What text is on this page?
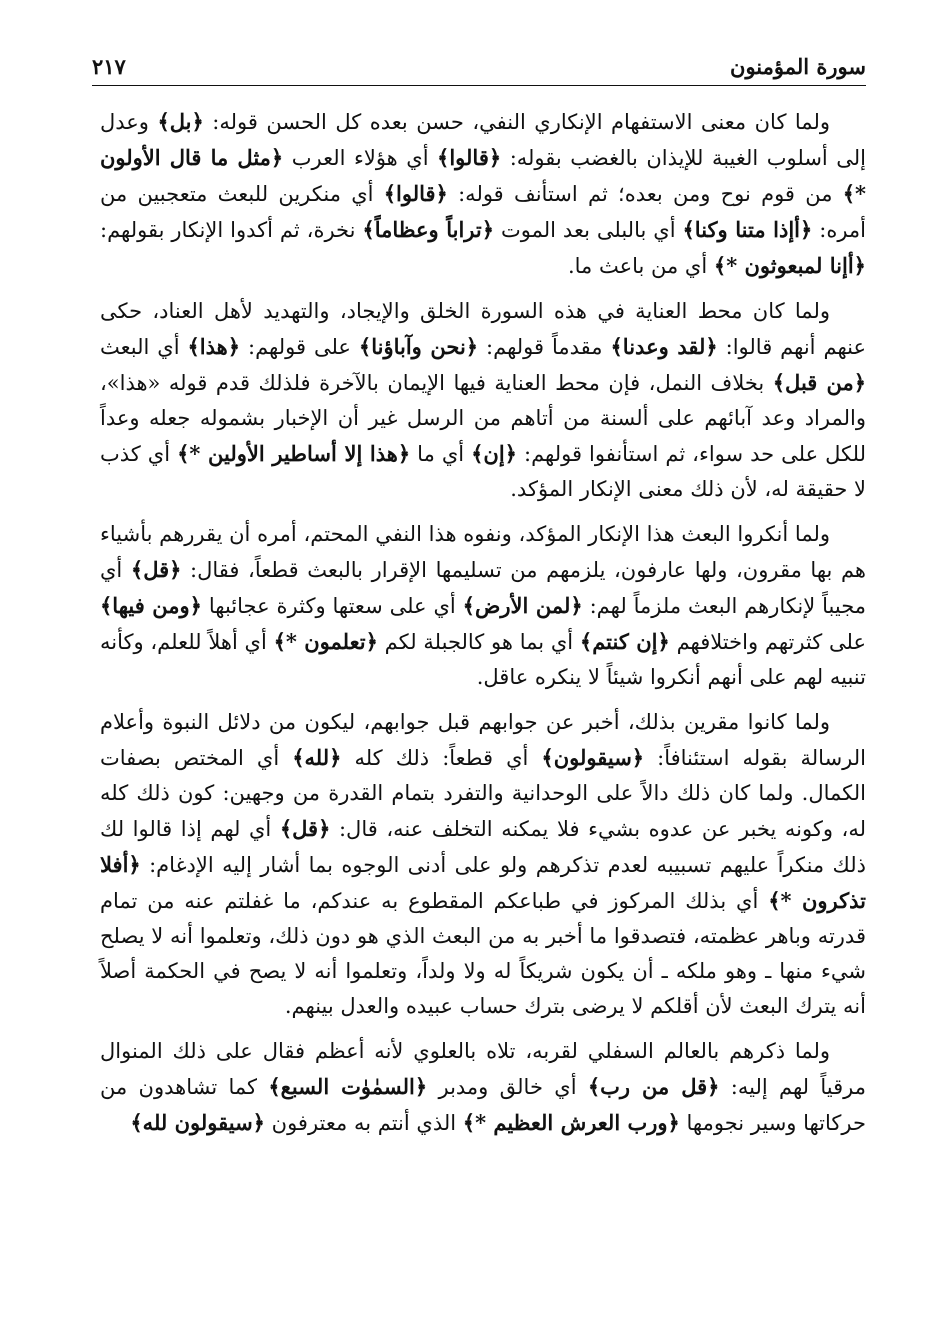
سورة المؤمنون
٢١٧

ولما كان معنى الاستفهام الإنكاري النفي، حسن بعده كل الحسن قوله: ﴿بل﴾ وعدل إلى أسلوب الغيبة للإيذان بالغضب بقوله: ﴿قالوا﴾ أي هؤلاء العرب ﴿مثل ما قال الأولون *﴾ من قوم نوح ومن بعده؛ ثم استأنف قوله: ﴿قالوا﴾ أي منكرين للبعث متعجبين من أمره: ﴿أإذا متنا وكنا﴾ أي بالبلى بعد الموت ﴿تراباً وعظاماً﴾ نخرة، ثم أكدوا الإنكار بقولهم: ﴿أإنا لمبعوثون *﴾ أي من باعث ما.

ولما كان محط العناية في هذه السورة الخلق والإيجاد، والتهديد لأهل العناد، حكى عنهم أنهم قالوا: ﴿لقد وعدنا﴾ مقدماً قولهم: ﴿نحن وآباؤنا﴾ على قولهم: ﴿هذا﴾ أي البعث ﴿من قبل﴾ بخلاف النمل، فإن محط العناية فيها الإيمان بالآخرة فلذلك قدم قوله «هذا»، والمراد وعد آبائهم على ألسنة من أتاهم من الرسل غير أن الإخبار بشموله جعله وعداً للكل على حد سواء، ثم استأنفوا قولهم: ﴿إن﴾ أي ما ﴿هذا إلا أساطير الأولين *﴾ أي كذب لا حقيقة له، لأن ذلك معنى الإنكار المؤكد.

ولما أنكروا البعث هذا الإنكار المؤكد، ونفوه هذا النفي المحتم، أمره أن يقررهم بأشياء هم بها مقرون، ولها عارفون، يلزمهم من تسليمها الإقرار بالبعث قطعاً، فقال: ﴿قل﴾ أي مجيباً لإنكارهم البعث ملزماً لهم: ﴿لمن الأرض﴾ أي على سعتها وكثرة عجائبها ﴿ومن فيها﴾ على كثرتهم واختلافهم ﴿إن كنتم﴾ أي بما هو كالجبلة لكم ﴿تعلمون *﴾ أي أهلاً للعلم، وكأنه تنبيه لهم على أنهم أنكروا شيئاً لا ينكره عاقل.

ولما كانوا مقرين بذلك، أخبر عن جوابهم قبل جوابهم، ليكون من دلائل النبوة وأعلام الرسالة بقوله استئنافاً: ﴿سيقولون﴾ أي قطعاً: ذلك كله ﴿لله﴾ أي المختص بصفات الكمال. ولما كان ذلك دالاً على الوحدانية والتفرد بتمام القدرة من وجهين: كون ذلك كله له، وكونه يخبر عن عدوه بشيء فلا يمكنه التخلف عنه، قال: ﴿قل﴾ أي لهم إذا قالوا لك ذلك منكراً عليهم تسبيبه لعدم تذكرهم ولو على أدنى الوجوه بما أشار إليه الإدغام: ﴿أفلا تذكرون *﴾ أي بذلك المركوز في طباعكم المقطوع به عندكم، ما غفلتم عنه من تمام قدرته وباهر عظمته، فتصدقوا ما أخبر به من البعث الذي هو دون ذلك، وتعلموا أنه لا يصلح شيء منها ـ وهو ملكه ـ أن يكون شريكاً له ولا ولداً، وتعلموا أنه لا يصح في الحكمة أصلاً أنه يترك البعث لأن أقلكم لا يرضى بترك حساب عبيده والعدل بينهم.

ولما ذكرهم بالعالم السفلي لقربه، تلاه بالعلوي لأنه أعظم فقال على ذلك المنوال مرقياً لهم إليه: ﴿قل من رب﴾ أي خالق ومدبر ﴿السمٰوٰت السبع﴾ كما تشاهدون من حركاتها وسير نجومها ﴿ورب العرش العظيم *﴾ الذي أنتم به معترفون ﴿سيقولون لله﴾
